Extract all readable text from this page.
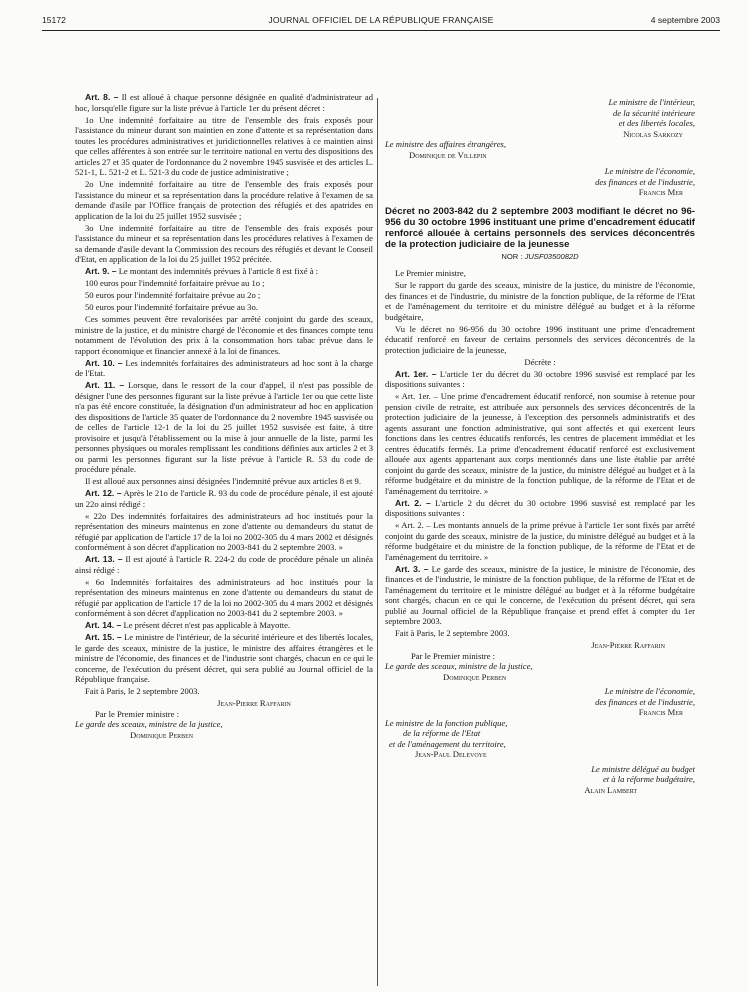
15172	JOURNAL OFFICIEL DE LA RÉPUBLIQUE FRANÇAISE	4 septembre 2003

Art. 8. – Il est alloué à chaque personne désignée en qualité d'administrateur ad hoc, lorsqu'elle figure sur la liste prévue à l'article 1er du présent décret :

1o Une indemnité forfaitaire au titre de l'ensemble des frais exposés pour l'assistance du mineur durant son maintien en zone d'attente et sa représentation dans toutes les procédures administratives et juridictionnelles relatives à ce maintien ainsi que celles afférentes à son entrée sur le territoire national en vertu des dispositions des articles 27 et 35 quater de l'ordonnance du 2 novembre 1945 susvisée et des articles L. 521-1, L. 521-2 et L. 521-3 du code de justice administrative ;

2o Une indemnité forfaitaire au titre de l'ensemble des frais exposés pour l'assistance du mineur et sa représentation dans la procédure relative à l'examen de sa demande d'asile par l'Office français de protection des réfugiés et des apatrides en application de la loi du 25 juillet 1952 susvisée ;

3o Une indemnité forfaitaire au titre de l'ensemble des frais exposés pour l'assistance du mineur et sa représentation dans les procédures relatives à l'examen de sa demande d'asile devant la Commission des recours des réfugiés et devant le Conseil d'Etat, en application de la loi du 25 juillet 1952 précitée.

Art. 9. – Le montant des indemnités prévues à l'article 8 est fixé à :

100 euros pour l'indemnité forfaitaire prévue au 1o ;

50 euros pour l'indemnité forfaitaire prévue au 2o ;

50 euros pour l'indemnité forfaitaire prévue au 3o.

Ces sommes peuvent être revalorisées par arrêté conjoint du garde des sceaux, ministre de la justice, et du ministre chargé de l'économie et des finances compte tenu notamment de l'évolution des prix à la consommation hors tabac prévue dans le rapport économique et financier annexé à la loi de finances.

Art. 10. – Les indemnités forfaitaires des administrateurs ad hoc sont à la charge de l'Etat.

Art. 11. – Lorsque, dans le ressort de la cour d'appel, il n'est pas possible de désigner l'une des personnes figurant sur la liste prévue à l'article 1er ou que cette liste n'a pas été encore constituée, la désignation d'un administrateur ad hoc en application des dispositions de l'article 35 quater de l'ordonnance du 2 novembre 1945 susvisée ou de celles de l'article 12-1 de la loi du 25 juillet 1952 susvisée est faite, à titre provisoire et jusqu'à l'établissement ou la mise à jour annuelle de la liste, parmi les personnes physiques ou morales remplissant les conditions définies aux articles 2 et 3 ou parmi les personnes figurant sur la liste prévue à l'article R. 53 du code de procédure pénale.

Il est alloué aux personnes ainsi désignées l'indemnité prévue aux articles 8 et 9.

Art. 12. – Après le 21o de l'article R. 93 du code de procédure pénale, il est ajouté un 22o ainsi rédigé :

« 22o Des indemnités forfaitaires des administrateurs ad hoc institués pour la représentation des mineurs maintenus en zone d'attente ou demandeurs du statut de réfugié par application de l'article 17 de la loi no 2002-305 du 4 mars 2002 et désignés conformément à son décret d'application no 2003-841 du 2 septembre 2003. »

Art. 13. – Il est ajouté à l'article R. 224-2 du code de procédure pénale un alinéa ainsi rédigé :

« 6o Indemnités forfaitaires des administrateurs ad hoc institués pour la représentation des mineurs maintenus en zone d'attente ou demandeurs du statut de réfugié par application de l'article 17 de la loi no 2002-305 du 4 mars 2002 et désignés conformément à son décret d'application no 2003-841 du 2 septembre 2003. »

Art. 14. – Le présent décret n'est pas applicable à Mayotte.

Art. 15. – Le ministre de l'intérieur, de la sécurité intérieure et des libertés locales, le garde des sceaux, ministre de la justice, le ministre des affaires étrangères et le ministre de l'économie, des finances et de l'industrie sont chargés, chacun en ce qui le concerne, de l'exécution du présent décret, qui sera publié au Journal officiel de la République française.

Fait à Paris, le 2 septembre 2003.

Jean-Pierre Raffarin

Par le Premier ministre :

Le garde des sceaux, ministre de la justice,

Dominique Perben

Le ministre de l'intérieur,

de la sécurité intérieure

et des libertés locales,

Nicolas Sarkozy

Le ministre des affaires étrangères,

Dominique de Villepin

Le ministre de l'économie,

des finances et de l'industrie,

Francis Mer

Décret no 2003-842 du 2 septembre 2003 modifiant le décret no 96-956 du 30 octobre 1996 instituant une prime d'encadrement éducatif renforcé allouée à certains personnels des services déconcentrés de la protection judiciaire de la jeunesse
NOR : JUSF0350082D

Le Premier ministre,

Sur le rapport du garde des sceaux, ministre de la justice, du ministre de l'économie, des finances et de l'industrie, du ministre de la fonction publique, de la réforme de l'Etat et de l'aménagement du territoire et du ministre délégué au budget et à la réforme budgétaire,

Vu le décret no 96-956 du 30 octobre 1996 instituant une prime d'encadrement éducatif renforcé en faveur de certains personnels des services déconcentrés de la protection judiciaire de la jeunesse,

Décrète :

Art. 1er. – L'article 1er du décret du 30 octobre 1996 susvisé est remplacé par les dispositions suivantes :

« Art. 1er. – Une prime d'encadrement éducatif renforcé, non soumise à retenue pour pension civile de retraite, est attribuée aux personnels des services déconcentrés de la protection judiciaire de la jeunesse, à l'exception des personnels administratifs et des agents assurant une fonction administrative, qui sont affectés et qui exercent leurs fonctions dans les centres éducatifs renforcés, les centres de placement immédiat et les centres éducatifs fermés. La prime d'encadrement éducatif renforcé est exclusivement allouée aux agents appartenant aux corps mentionnés dans une liste établie par arrêté conjoint du garde des sceaux, ministre de la justice, du ministre délégué au budget et à la réforme budgétaire et du ministre de la fonction publique, de la réforme de l'Etat et de l'aménagement du territoire. »

Art. 2. – L'article 2 du décret du 30 octobre 1996 susvisé est remplacé par les dispositions suivantes :

« Art. 2. – Les montants annuels de la prime prévue à l'article 1er sont fixés par arrêté conjoint du garde des sceaux, ministre de la justice, du ministre délégué au budget et à la réforme budgétaire et du ministre de la fonction publique, de la réforme de l'Etat et de l'aménagement du territoire. »

Art. 3. – Le garde des sceaux, ministre de la justice, le ministre de l'économie, des finances et de l'industrie, le ministre de la fonction publique, de la réforme de l'Etat et de l'aménagement du territoire et le ministre délégué au budget et à la réforme budgétaire sont chargés, chacun en ce qui le concerne, de l'exécution du présent décret, qui sera publié au Journal officiel de la République française et prend effet à compter du 1er septembre 2003.

Fait à Paris, le 2 septembre 2003.

Jean-Pierre Raffarin

Par le Premier ministre :

Le garde des sceaux, ministre de la justice,

Dominique Perben

Le ministre de l'économie,

des finances et de l'industrie,

Francis Mer

Le ministre de la fonction publique,

de la réforme de l'Etat

et de l'aménagement du territoire,

Jean-Paul Delevoye

Le ministre délégué au budget

et à la réforme budgétaire,

Alain Lambert
